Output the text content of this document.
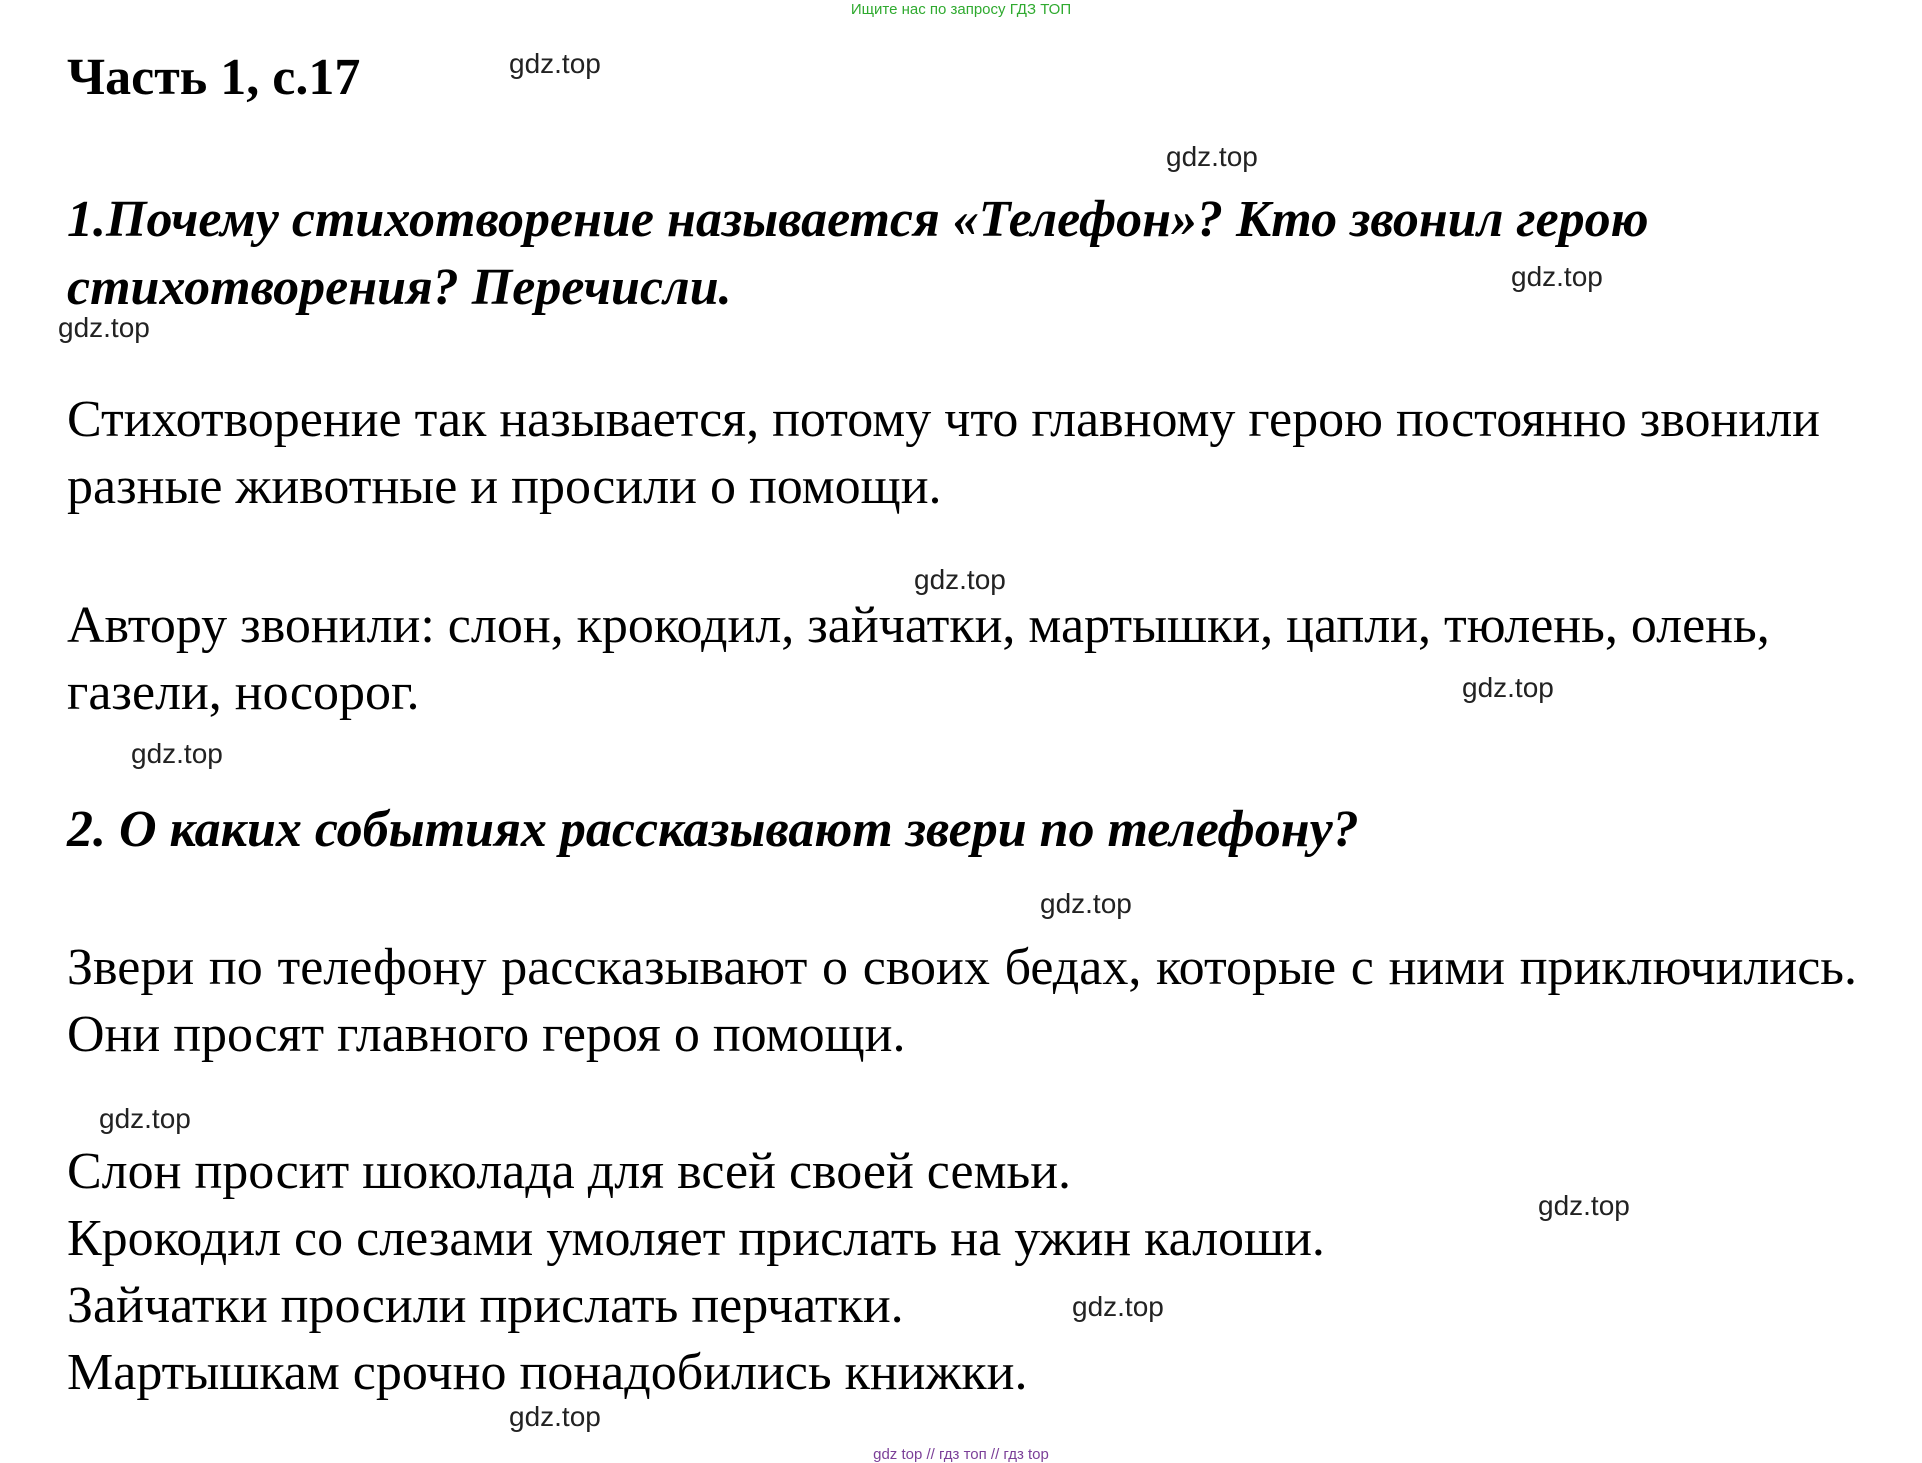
Ищите нас по запросу ГДЗ ТОП
Часть 1, с.17
1.Почему стихотворение называется «Телефон»? Кто звонил герою стихотворения? Перечисли.
Стихотворение так называется, потому что главному герою постоянно звонили разные животные и просили о помощи.
Автору звонили: слон, крокодил, зайчатки, мартышки, цапли, тюлень, олень, газели, носорог.
2. О каких событиях рассказывают звери по телефону?
Звери по телефону рассказывают о своих бедах, которые с ними приключились. Они просят главного героя о помощи.
Слон просит шоколада для всей своей семьи.
Крокодил со слезами умоляет прислать на ужин калоши.
Зайчатки просили прислать перчатки.
Мартышкам срочно понадобились книжки.
gdz.top
gdz.top
gdz.top
gdz.top
gdz.top
gdz.top
gdz.top
gdz.top
gdz.top
gdz.top
gdz.top
gdz.top
gdz top // гдз топ // гдз top
